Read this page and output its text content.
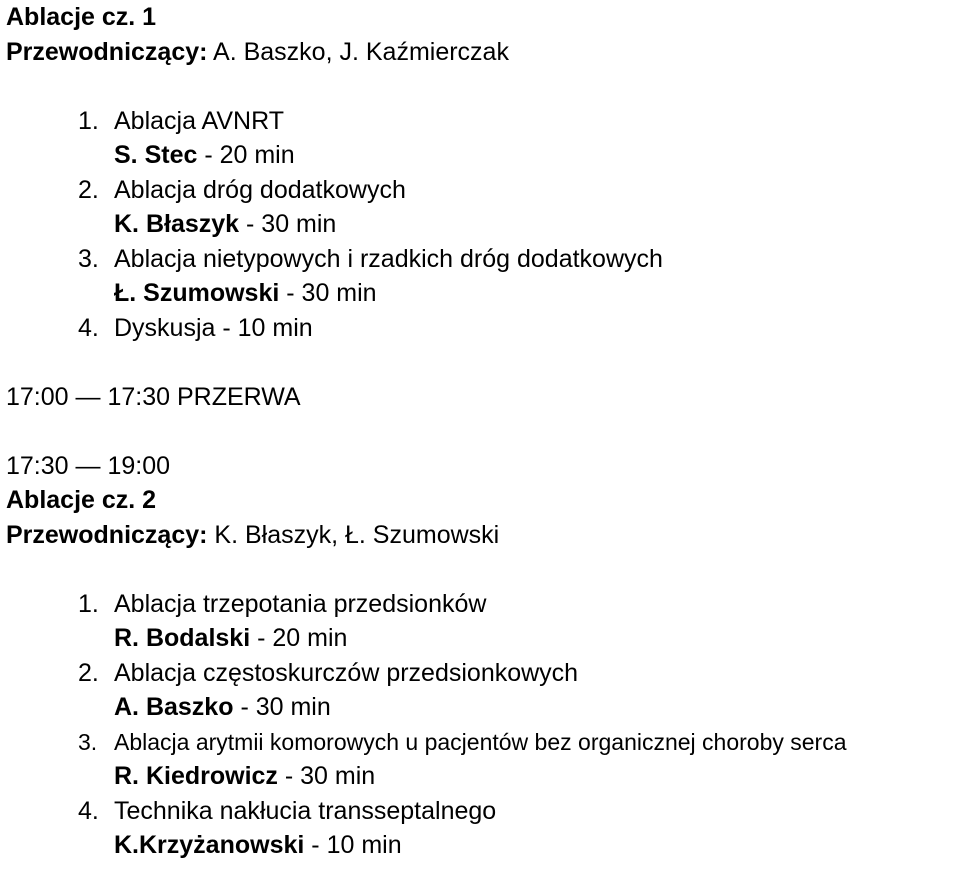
Ablacje cz. 1
Przewodniczący: A. Baszko, J. Kaźmierczak
1. Ablacja AVNRT
S. Stec - 20 min
2. Ablacja dróg dodatkowych
K. Błaszyk - 30 min
3. Ablacja nietypowych i rzadkich dróg dodatkowych
Ł. Szumowski - 30 min
4. Dyskusja - 10 min
17:00 — 17:30 PRZERWA
17:30 — 19:00
Ablacje cz. 2
Przewodniczący: K. Błaszyk, Ł. Szumowski
1. Ablacja trzepotania przedsionków
R. Bodalski - 20 min
2. Ablacja częstoskurczów przedsionkowych
A. Baszko - 30 min
3. Ablacja arytmii komorowych u pacjentów bez organicznej choroby serca
R. Kiedrowicz - 30 min
4. Technika nakłucia transseptalnego
K.Krzyżanowski - 10 min
